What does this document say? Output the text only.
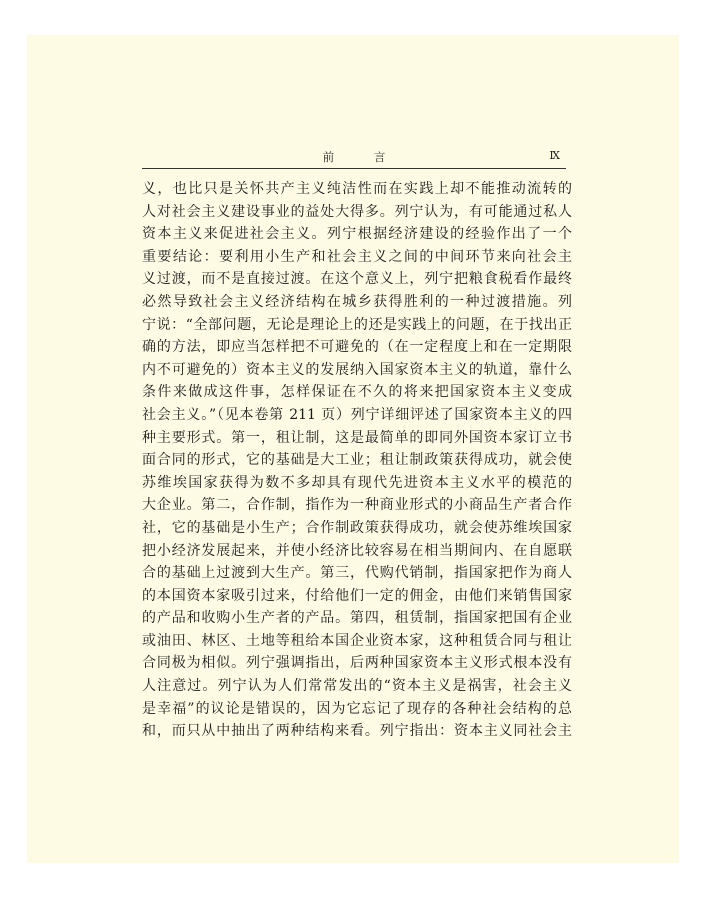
前 言	Ⅸ
义，也比只是关怀共产主义纯洁性而在实践上却不能推动流转的
人对社会主义建设事业的益处大得多。列宁认为，有可能通过私人
资本主义来促进社会主义。列宁根据经济建设的经验作出了一个
重要结论：要利用小生产和社会主义之间的中间环节来向社会主
义过渡，而不是直接过渡。在这个意义上，列宁把粮食税看作最终
必然导致社会主义经济结构在城乡获得胜利的一种过渡措施。列
宁说：“全部问题，无论是理论上的还是实践上的问题，在于找出正
确的方法，即应当怎样把不可避免的（在一定程度上和在一定期限
内不可避免的）资本主义的发展纳入国家资本主义的轨道，靠什么
条件来做成这件事，怎样保证在不久的将来把国家资本主义变成
社会主义。”（见本卷第 211 页）列宁详细评述了国家资本主义的四
种主要形式。第一，租让制，这是最简单的即同外国资本家订立书
面合同的形式，它的基础是大工业；租让制政策获得成功，就会使
苏维埃国家获得为数不多却具有现代先进资本主义水平的模范的
大企业。第二，合作制，指作为一种商业形式的小商品生产者合作
社，它的基础是小生产；合作制政策获得成功，就会使苏维埃国家
把小经济发展起来，并使小经济比较容易在相当期间内、在自愿联
合的基础上过渡到大生产。第三，代购代销制，指国家把作为商人
的本国资本家吸引过来，付给他们一定的佣金，由他们来销售国家
的产品和收购小生产者的产品。第四，租赁制，指国家把国有企业
或油田、林区、土地等租给本国企业资本家，这种租赁合同与租让
合同极为相似。列宁强调指出，后两种国家资本主义形式根本没有
人注意过。列宁认为人们常常发出的“资本主义是祸害，社会主义
是幸福”的议论是错误的，因为它忘记了现存的各种社会结构的总
和，而只从中抽出了两种结构来看。列宁指出：资本主义同社会主
